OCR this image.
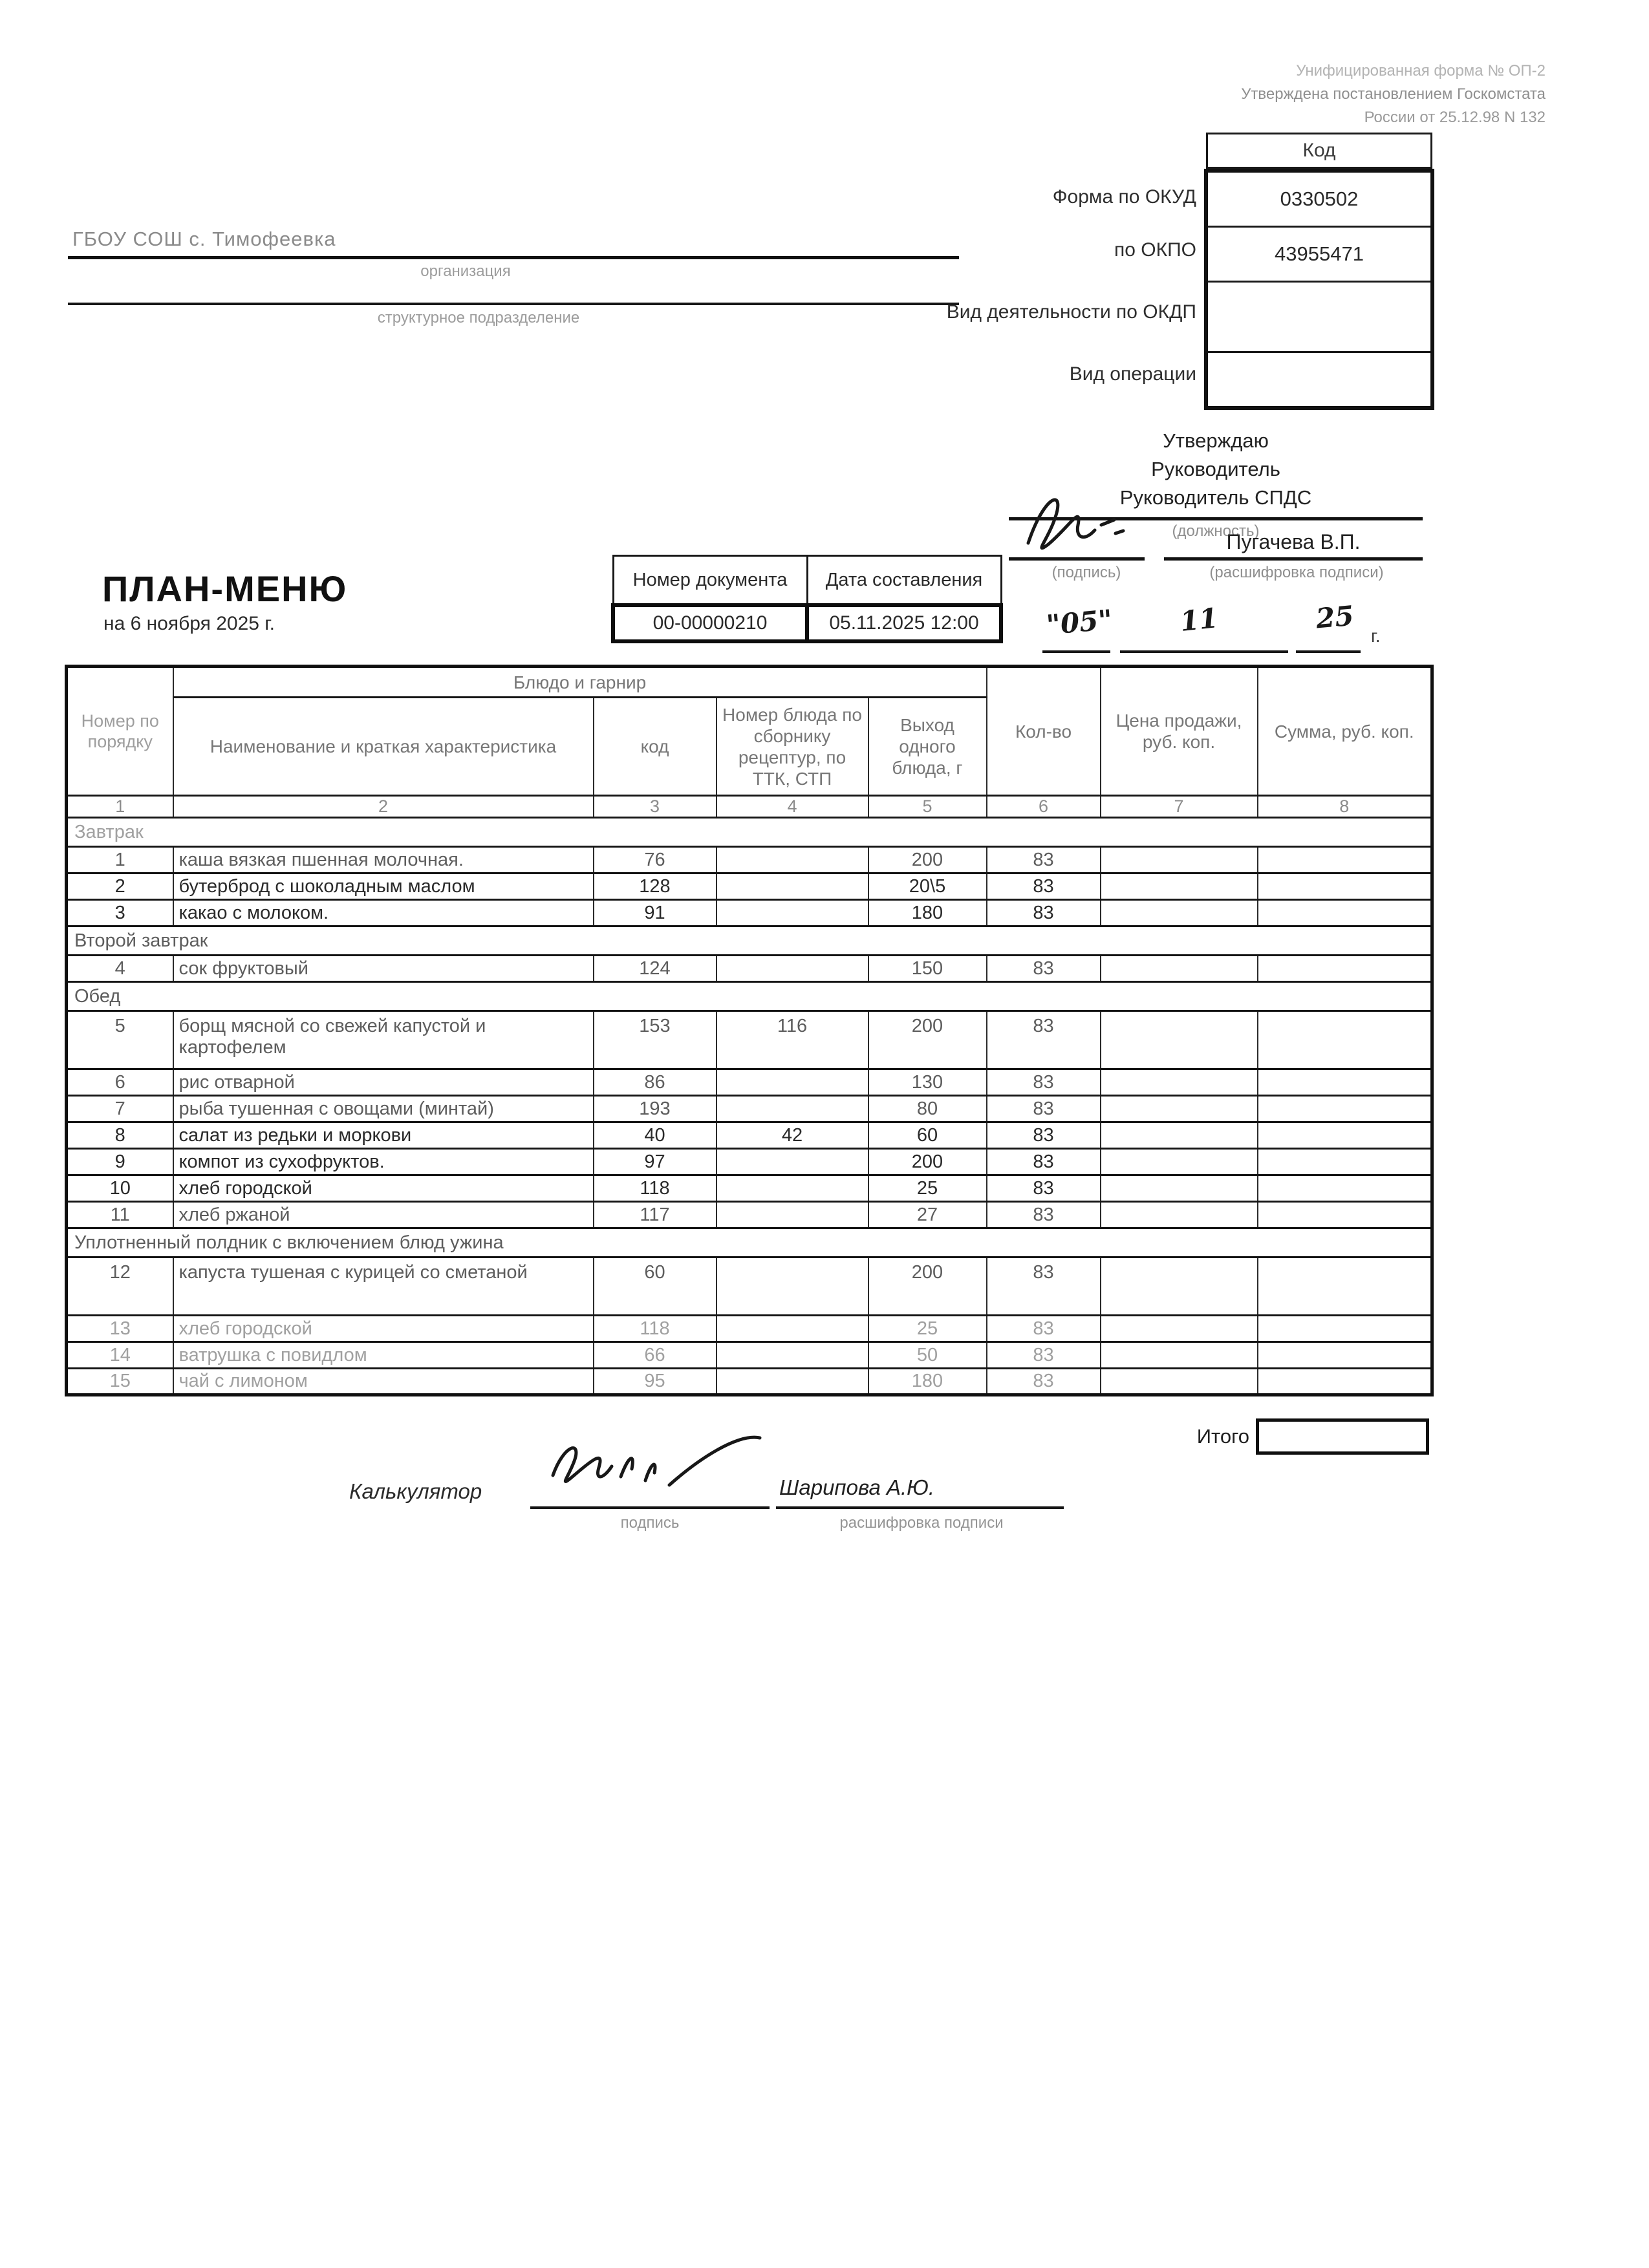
Унифицированная форма № ОП-2
Утверждена постановлением Госкомстата
России от 25.12.98 N 132
Код
0330502
43955471
Форма по ОКУД
по ОКПО
Вид деятельности по ОКДП
Вид операции
ГБОУ СОШ с. Тимофеевка
организация
структурное подразделение
Утверждаю
Руководитель
Руководитель СПДС
(должность)
Пугачева В.П.
(подпись)	(расшифровка подписи)
"05" 11	25
г.
ПЛАН-МЕНЮ
на 6 ноября 2025 г.
Номер документа	Дата составления
00-00000210	05.11.2025 12:00
Номер по порядку	Блюдо и гарнир				Кол-во	Цена продажи, руб. коп.	Сумма, руб. коп.
	Наименование и краткая характеристика	код	Номер блюда по сборнику рецептур, по ТТК, СТП	Выход одного блюда, г			
1	2	3	4	5	6	7	8
Завтрак							
1	каша вязкая пшенная молочная.	76		200	83		
2	бутерброд с шоколадным маслом	128		20\5	83		
3	какао с молоком.	91		180	83		
Второй завтрак							
4	сок фруктовый	124		150	83		
Обед							
5	борщ мясной со свежей капустой и картофелем	153	116	200	83		
6	рис отварной	86		130	83		
7	рыба тушенная с овощами (минтай)	193		80	83		
8	салат из редьки и моркови	40	42	60	83		
9	компот из сухофруктов.	97		200	83		
10	хлеб городской	118		25	83		
11	хлеб ржаной	117		27	83		
Уплотненный полдник с включением блюд ужина							
12	капуста тушеная с курицей со сметаной	60		200	83		
13	хлеб городской	118		25	83		
14	ватрушка с повидлом	66		50	83		
15	чай с лимоном	95		180	83		
Итого
Калькулятор	Шарипова А.Ю.
подпись	расшифровка подписи
